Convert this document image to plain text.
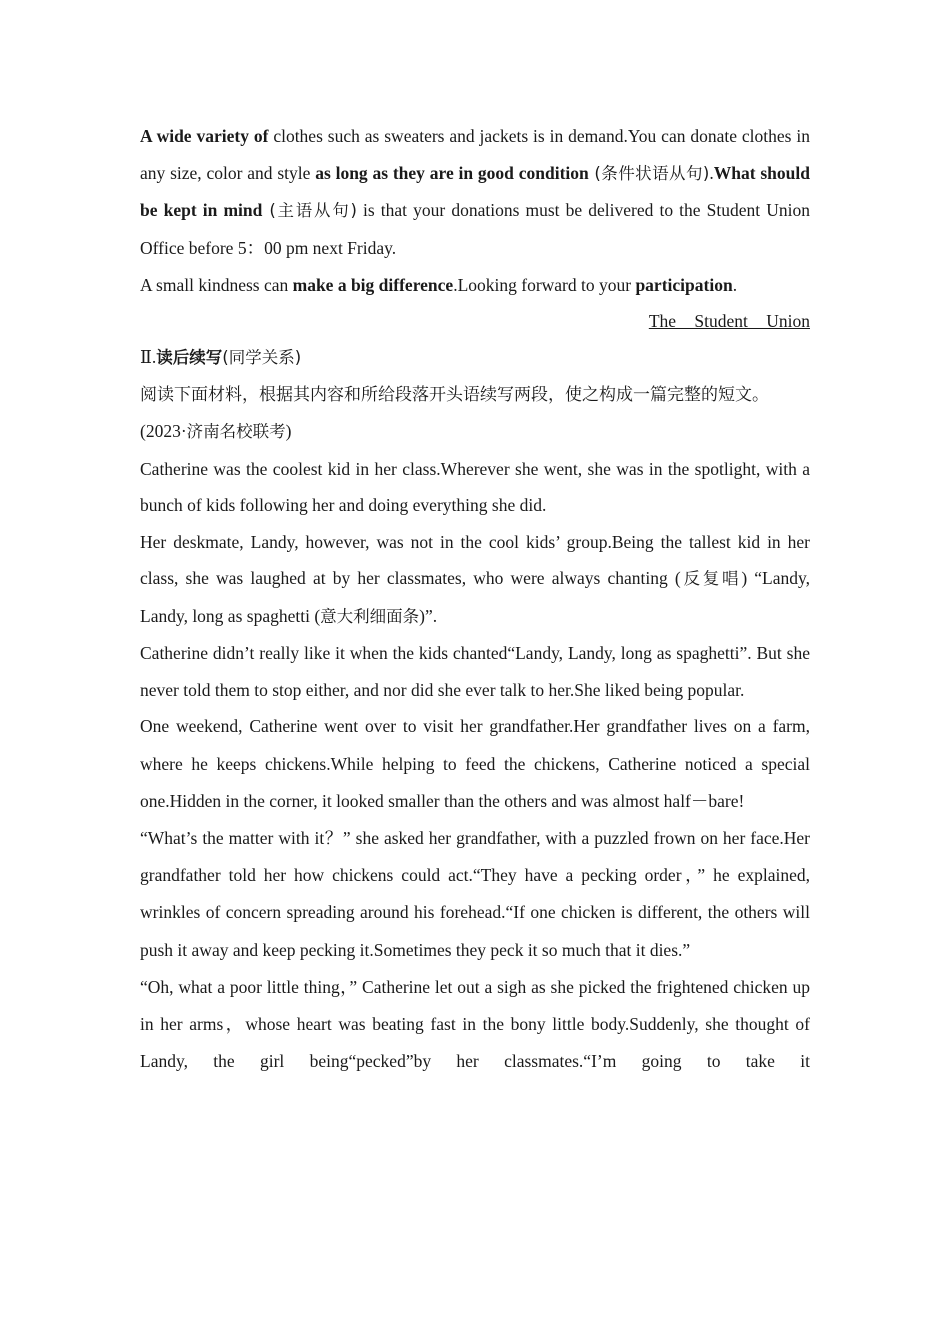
A wide variety of clothes such as sweaters and jackets is in demand.You can donate clothes in any size, color and style as long as they are in good condition (条件状语从句).What should be kept in mind (主语从句) is that your donations must be delivered to the Student Union Office before 5：00 pm next Friday.

A small kindness can make a big difference.Looking forward to your participation.

The Student Union

Ⅱ.读后续写(同学关系)

阅读下面材料，根据其内容和所给段落开头语续写两段，使之构成一篇完整的短文。

(2023·济南名校联考)

Catherine was the coolest kid in her class.Wherever she went, she was in the spotlight, with a bunch of kids following her and doing everything she did.

Her deskmate, Landy, however, was not in the cool kids’ group.Being the tallest kid in her class, she was laughed at by her classmates, who were always chanting (反复唱) “Landy, Landy, long as spaghetti (意大利细面条)”.

Catherine didn’t really like it when the kids chanted“Landy, Landy, long as spaghetti”. But she never told them to stop either, and nor did she ever talk to her.She liked being popular.

One weekend, Catherine went over to visit her grandfather.Her grandfather lives on a farm, where he keeps chickens.While helping to feed the chickens, Catherine noticed a special one.Hidden in the corner, it looked smaller than the others and was almost half－bare!

“What’s the matter with it？” she asked her grandfather, with a puzzled frown on her face.Her grandfather told her how chickens could act.“They have a pecking order，” he explained, wrinkles of concern spreading around his forehead.“If one chicken is different, the others will push it away and keep pecking it.Sometimes they peck it so much that it dies.”

“Oh, what a poor little thing，” Catherine let out a sigh as she picked the frightened chicken up in her arms，whose heart was beating fast in the bony little body.Suddenly, she thought of Landy, the girl being“pecked”by her classmates.“I’m going to take it
